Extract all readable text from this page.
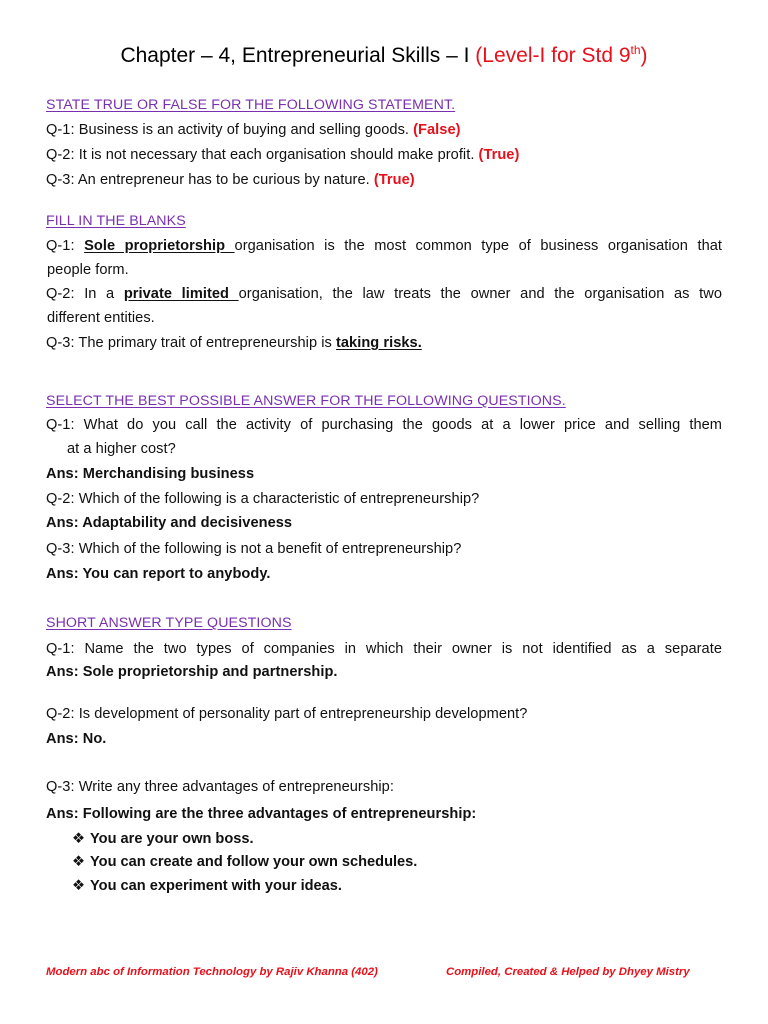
Chapter – 4, Entrepreneurial Skills – I (Level-I for Std 9th)
STATE TRUE OR FALSE FOR THE FOLLOWING STATEMENT.
Q-1: Business is an activity of buying and selling goods. (False)
Q-2: It is not necessary that each organisation should make profit. (True)
Q-3: An entrepreneur has to be curious by nature. (True)
FILL IN THE BLANKS
Q-1: Sole proprietorship organisation is the most common type of business organisation that
people form.
Q-2: In a private limited organisation, the law treats the owner and the organisation as two
different entities.
Q-3: The primary trait of entrepreneurship is taking risks.
SELECT THE BEST POSSIBLE ANSWER FOR THE FOLLOWING QUESTIONS.
Q-1: What do you call the activity of purchasing the goods at a lower price and selling them
at a higher cost?
Ans: Merchandising business
Q-2: Which of the following is a characteristic of entrepreneurship?
Ans: Adaptability and decisiveness
Q-3: Which of the following is not a benefit of entrepreneurship?
Ans: You can report to anybody.
SHORT ANSWER TYPE QUESTIONS
Q-1: Name the two types of companies in which their owner is not identified as a separate
Ans: Sole proprietorship and partnership.
Q-2: Is development of personality part of entrepreneurship development?
Ans: No.
Q-3: Write any three advantages of entrepreneurship:
Ans: Following are the three advantages of entrepreneurship:
❖ You are your own boss.
❖ You can create and follow your own schedules.
❖ You can experiment with your ideas.
Modern abc of Information Technology by Rajiv Khanna (402)	Compiled, Created & Helped by Dhyey Mistry
